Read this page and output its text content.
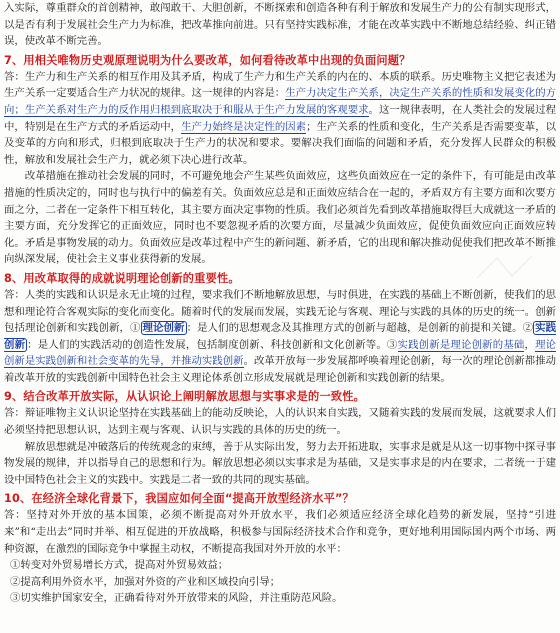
入实际，尊重群众的首创精神，敢闯敢干、大胆创新，不断探索和创造各种有利于解放和发展生产力的公有制实现形式，以是否有利于发展社会生产力为标准，把改革推向前进。只有坚持实践标准，才能在改革实践中不断地总结经验、纠正错误，使改革不断完善。

7、用相关唯物历史观原理说明为什么要改革，如何看待改革中出现的负面问题？

答：生产力和生产关系的相互作用及其矛盾，构成了生产力和生产关系的内在的、本质的联系。历史唯物主义把它表述为生产关系一定要适合生产力状况的规律。这一规律的内容是：生产力决定生产关系，决定生产关系的性质和发展变化的方向；生产关系对生产力的反作用归根到底取决于和服从于生产力发展的客观要求。这一规律表明，在人类社会的发展过程中，特别是在生产方式的矛盾运动中，生产力始终是决定性的因素；生产关系的性质和变化，生产关系是否需要变革，以及变革的方向和形式，归根到底取决于生产力的状况和要求。要解决我们面临的问题和矛盾，充分发挥人民群众的积极性，解放和发展社会生产力，就必须下决心进行改革。

改革措施在推动社会发展的同时，不可避免地会产生某些负面效应，这些负面效应在一定的条件下，有可能是由改革措施的性质决定的，同时也与执行中的偏差有关。负面效应总是和正面效应结合在一起的，矛盾双方有主要方面和次要方面之分，二者在一定条件下相互转化，其主要方面决定事物的性质。我们必须首先看到改革措施取得巨大成就这一矛盾的主要方面，充分发挥它的正面效应，同时也不要忽视矛盾的次要方面，尽量减少负面效应，促使负面效应向正面效应转化。矛盾是事物发展的动力。负面效应是改革过程中产生的新问题、新矛盾，它的出现和解决推动促使我们把改革不断推向纵深发展，使社会主义事业获得新的发展。

8、用改革取得的成就说明理论创新的重要性。

答：人类的实践和认识是永无止境的过程，要求我们不断地解放思想，与时俱进，在实践的基础上不断创新，使我们的思想和理论符合客观实际的变化而变化。随着时代的发展而发展，实践无论与客观、理论与实践的具体的历史的统一。创新包括理论创新和实践创新，① 理论创新 ：是人们的思想观念及其推理方式的创新与超越，是创新的前提和关键。② 实践创新 ：是人们的实践活动的创造性发展，包括制度创新、科技创新和文化创新等。③实践创新是理论创新的基础，理论创新是实践创新和社会变革的先导，并推动实践创新。改革开放每一步发展都呼唤着理论创新，每一次的理论创新都推动着改革开放的实践创新中国特色社会主义理论体系创立形成发展就是理论创新和实践创新的结果。

9、结合改革开放实际，从认识论上阐明解放思想与实事求是的一致性。

答：辩证唯物主义认识论坚持在实践基础上的能动反映论，人的认识来自实践，又随着实践的发展而发展，这就要求人们必须坚持把思想认识，达到主观与客观、认识与实践的具体的历史的统一。

解放思想就是冲破落后的传统观念的束缚，善于从实际出发，努力去开拓进取，实事求是就是从这一切事物中探寻事物发展的规律，并以指导自己的思想和行为。解放思想必须以实事求是为基础，又是实事求是的内在要求，二者统一于建设中国特色社会主义的实践中。实践是二者一致的共同的现实基础。

10、在经济全球化背景下，我国应如何全面“提高开放型经济水平”？

答：坚持对外开放的基本国策，必须不断提高对外开放水平，我们必须适应经济全球化趋势的新发展，坚持“引进来”和“走出去”同时并举、相互促进的开放战略，积极参与国际经济技术合作和竞争，更好地利用国际国内两个市场、两种资源，在激烈的国际竞争中掌握主动权，不断提高我国对外开放的水平：

①转变对外贸易增长方式，提高对外贸易效益；

②提高利用外资水平，加强对外资的产业和区域投向引导；

③切实维护国家安全，正确看待对外开放带来的风险，并注重防范风险。
